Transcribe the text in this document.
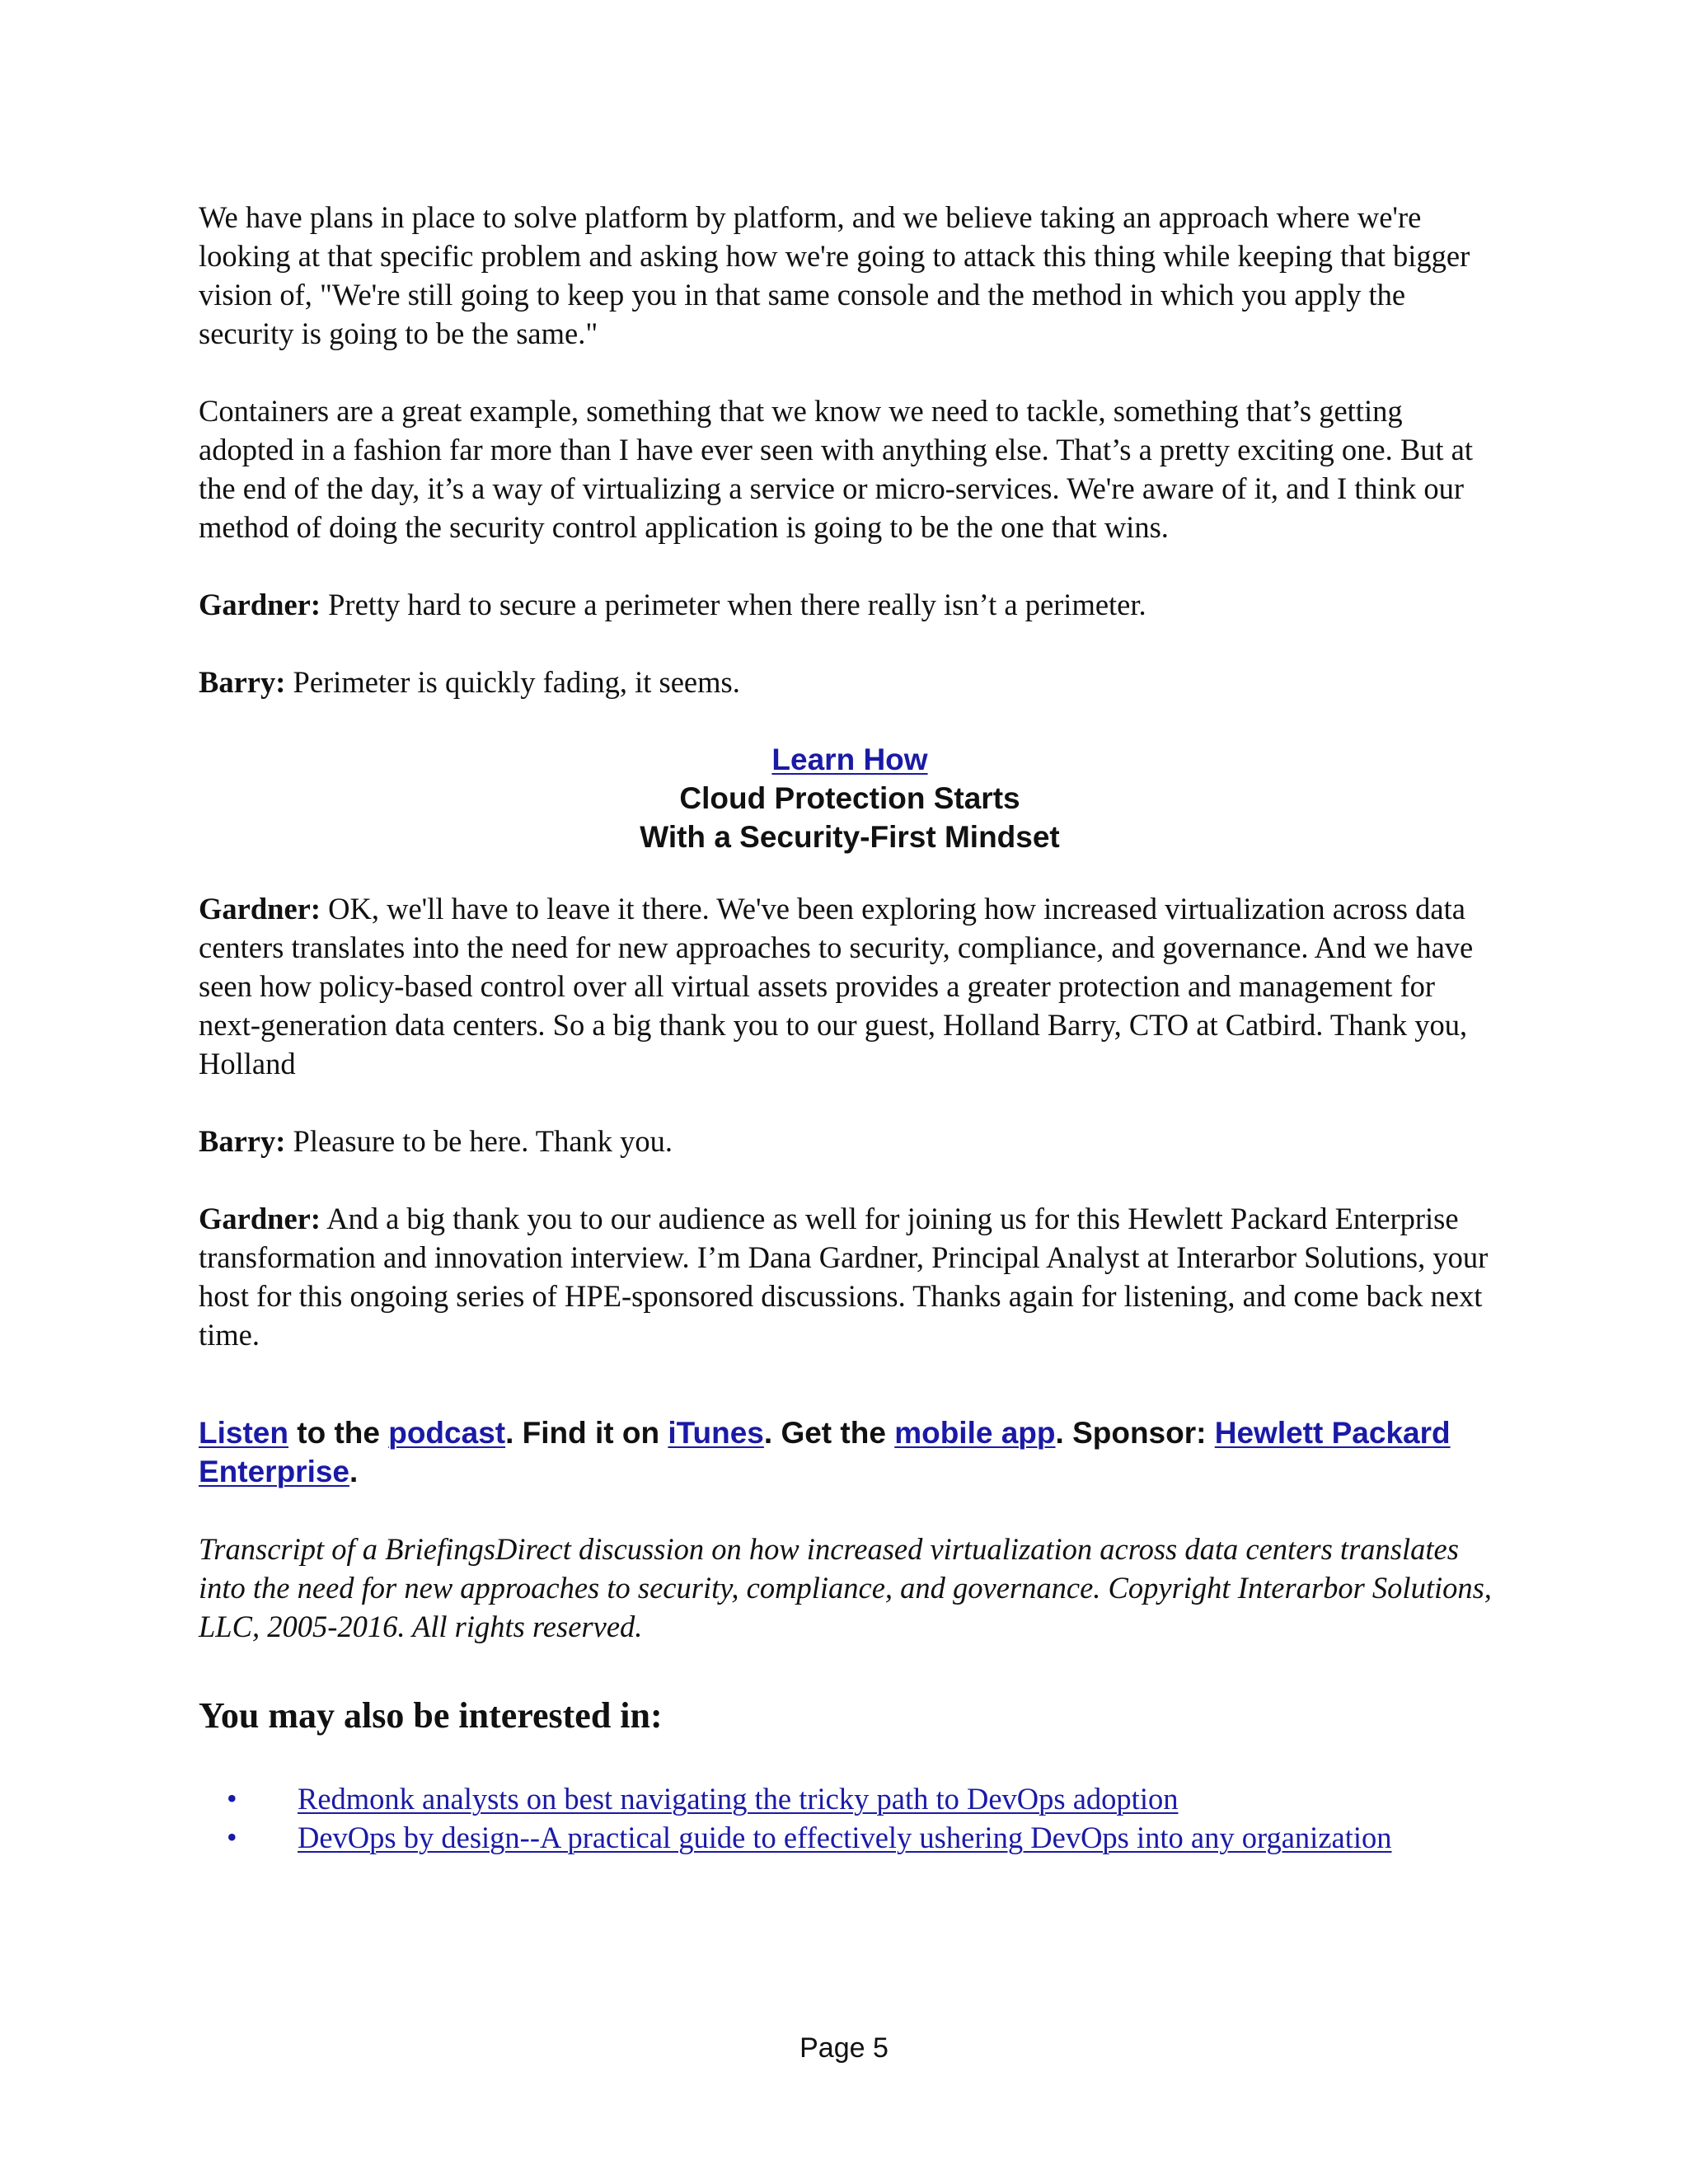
We have plans in place to solve platform by platform, and we believe taking an approach where we're looking at that specific problem and asking how we're going to attack this thing while keeping that bigger vision of, "We're still going to keep you in that same console and the method in which you apply the security is going to be the same."

Containers are a great example, something that we know we need to tackle, something that’s getting adopted in a fashion far more than I have ever seen with anything else. That’s a pretty exciting one. But at the end of the day, it’s a way of virtualizing a service or micro-services. We're aware of it, and I think our method of doing the security control application is going to be the one that wins.

Gardner: Pretty hard to secure a perimeter when there really isn’t a perimeter.

Barry: Perimeter is quickly fading, it seems.

Learn How
Cloud Protection Starts
With a Security-First Mindset

Gardner: OK, we'll have to leave it there. We've been exploring how increased virtualization across data centers translates into the need for new approaches to security, compliance, and governance. And we have seen how policy-based control over all virtual assets provides a greater protection and management for next-generation data centers. So a big thank you to our guest, Holland Barry, CTO at Catbird. Thank you, Holland

Barry: Pleasure to be here. Thank you.

Gardner: And a big thank you to our audience as well for joining us for this Hewlett Packard Enterprise transformation and innovation interview. I’m Dana Gardner, Principal Analyst at Interarbor Solutions, your host for this ongoing series of HPE-sponsored discussions. Thanks again for listening, and come back next time.

Listen to the podcast. Find it on iTunes. Get the mobile app. Sponsor: Hewlett Packard Enterprise.

Transcript of a BriefingsDirect discussion on how increased virtualization across data centers translates into the need for new approaches to security, compliance, and governance. Copyright Interarbor Solutions, LLC, 2005-2016. All rights reserved.

You may also be interested in:
• Redmonk analysts on best navigating the tricky path to DevOps adoption
• DevOps by design--A practical guide to effectively ushering DevOps into any organization
Page 5
